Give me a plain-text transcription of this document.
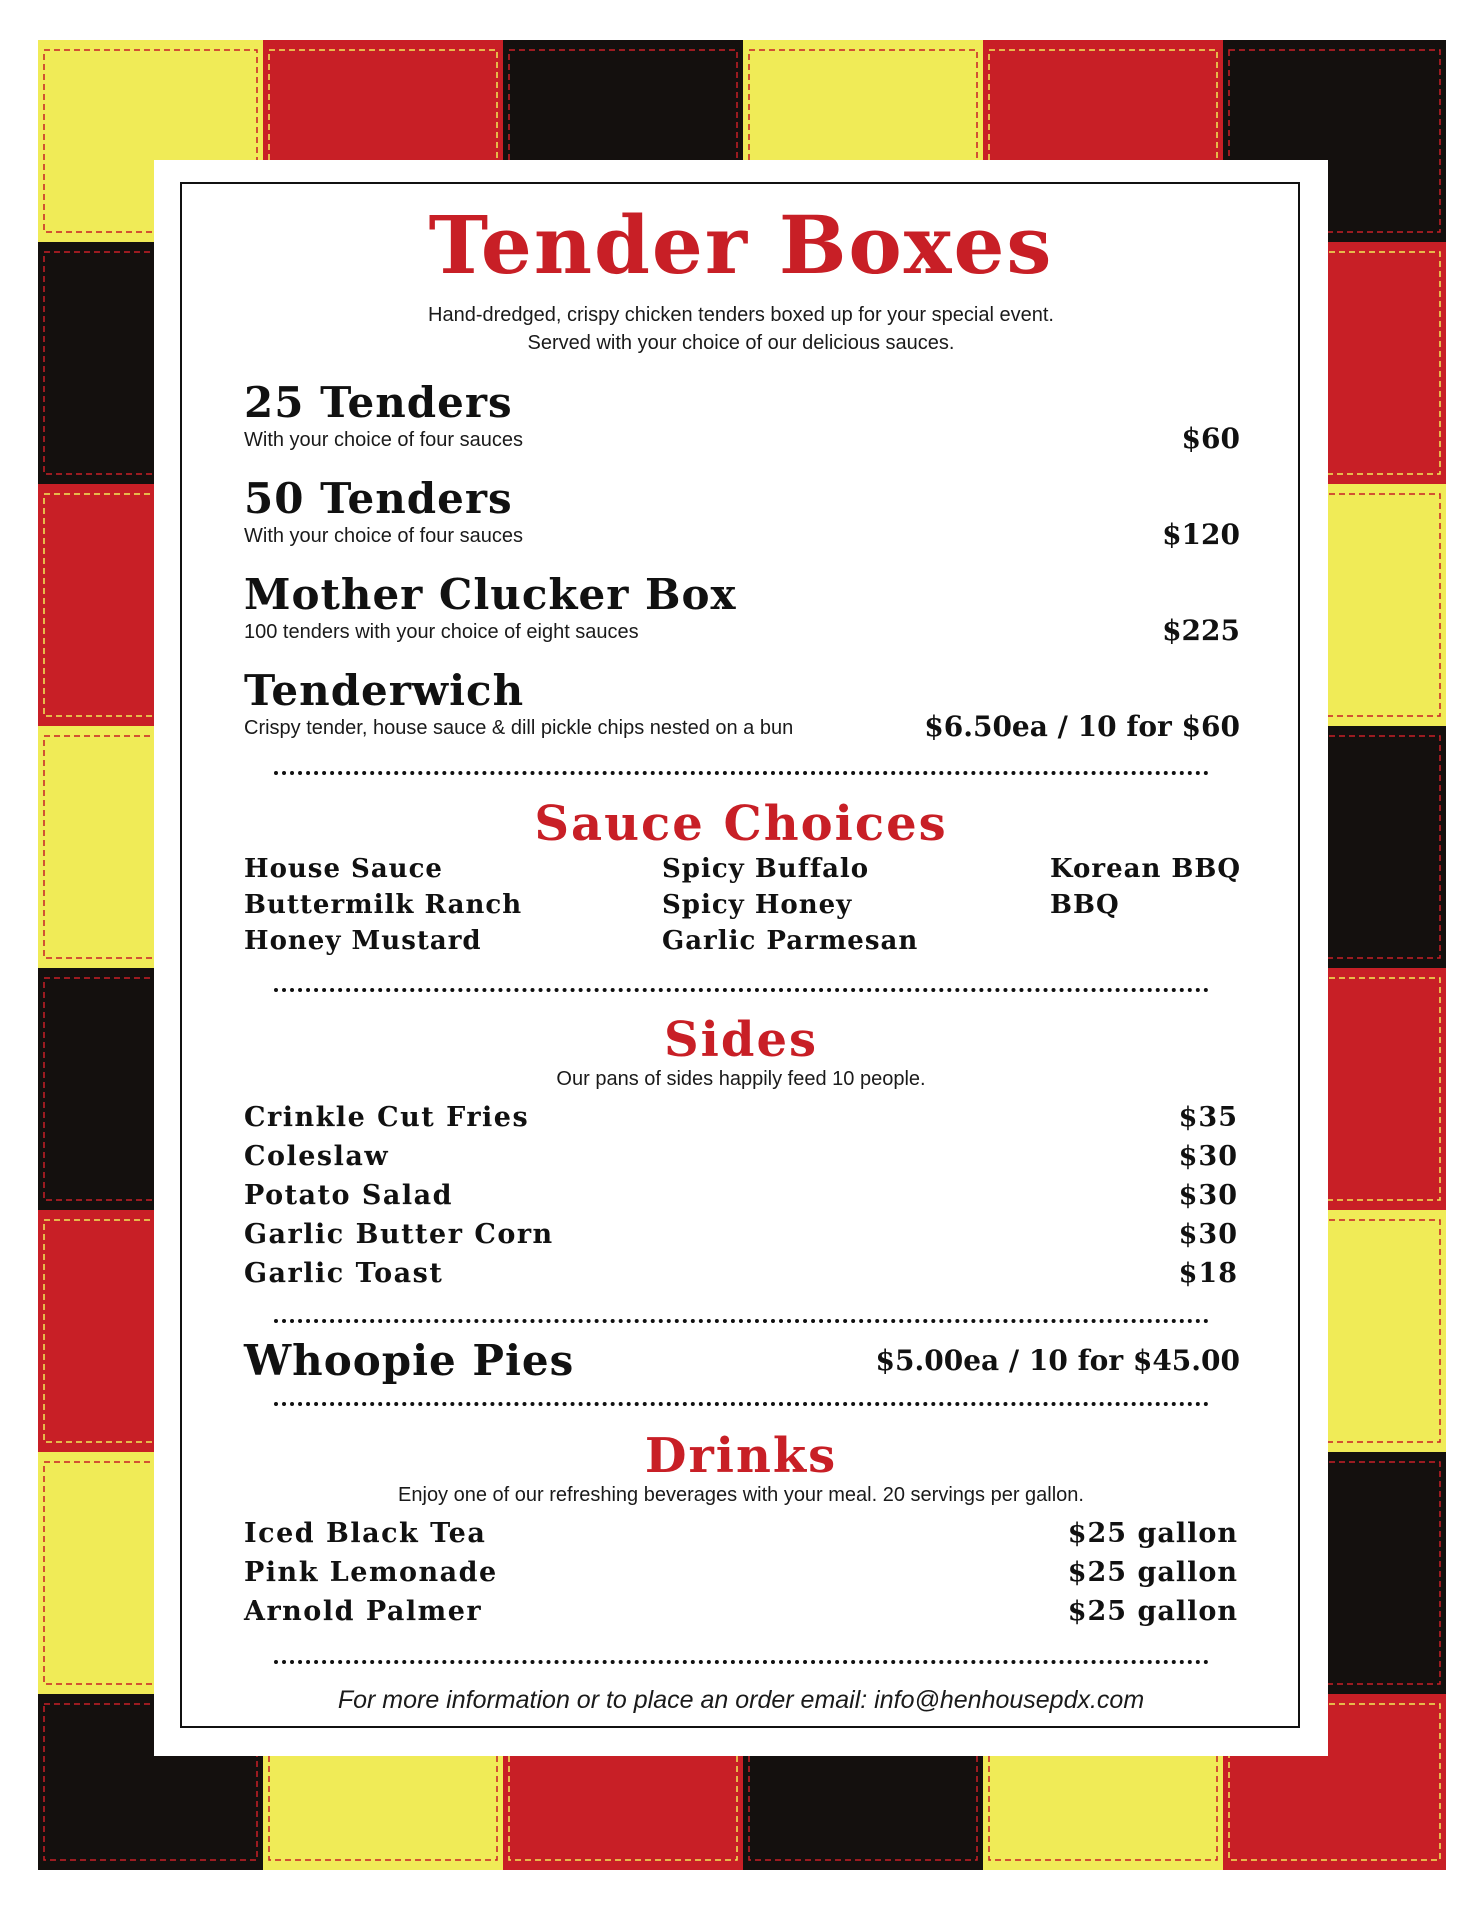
Tender Boxes
Hand-dredged, crispy chicken tenders boxed up for your special event.
Served with your choice of our delicious sauces.
25 Tenders
With your choice of four sauces	$60
50 Tenders
With your choice of four sauces	$120
Mother Clucker Box
100 tenders with your choice of eight sauces	$225
Tenderwich
Crispy tender, house sauce & dill pickle chips nested on a bun	$6.50ea / 10 for $60
Sauce Choices
House Sauce
Buttermilk Ranch
Honey Mustard
Spicy Buffalo
Spicy Honey
Garlic Parmesan
Korean BBQ
BBQ
Sides
Our pans of sides happily feed 10 people.
Crinkle Cut Fries	$35
Coleslaw	$30
Potato Salad	$30
Garlic Butter Corn	$30
Garlic Toast	$18
Whoopie Pies	$5.00ea / 10 for $45.00
Drinks
Enjoy one of our refreshing beverages with your meal. 20 servings per gallon.
Iced Black Tea	$25 gallon
Pink Lemonade	$25 gallon
Arnold Palmer	$25 gallon
For more information or to place an order email: info@henhousepdx.com
